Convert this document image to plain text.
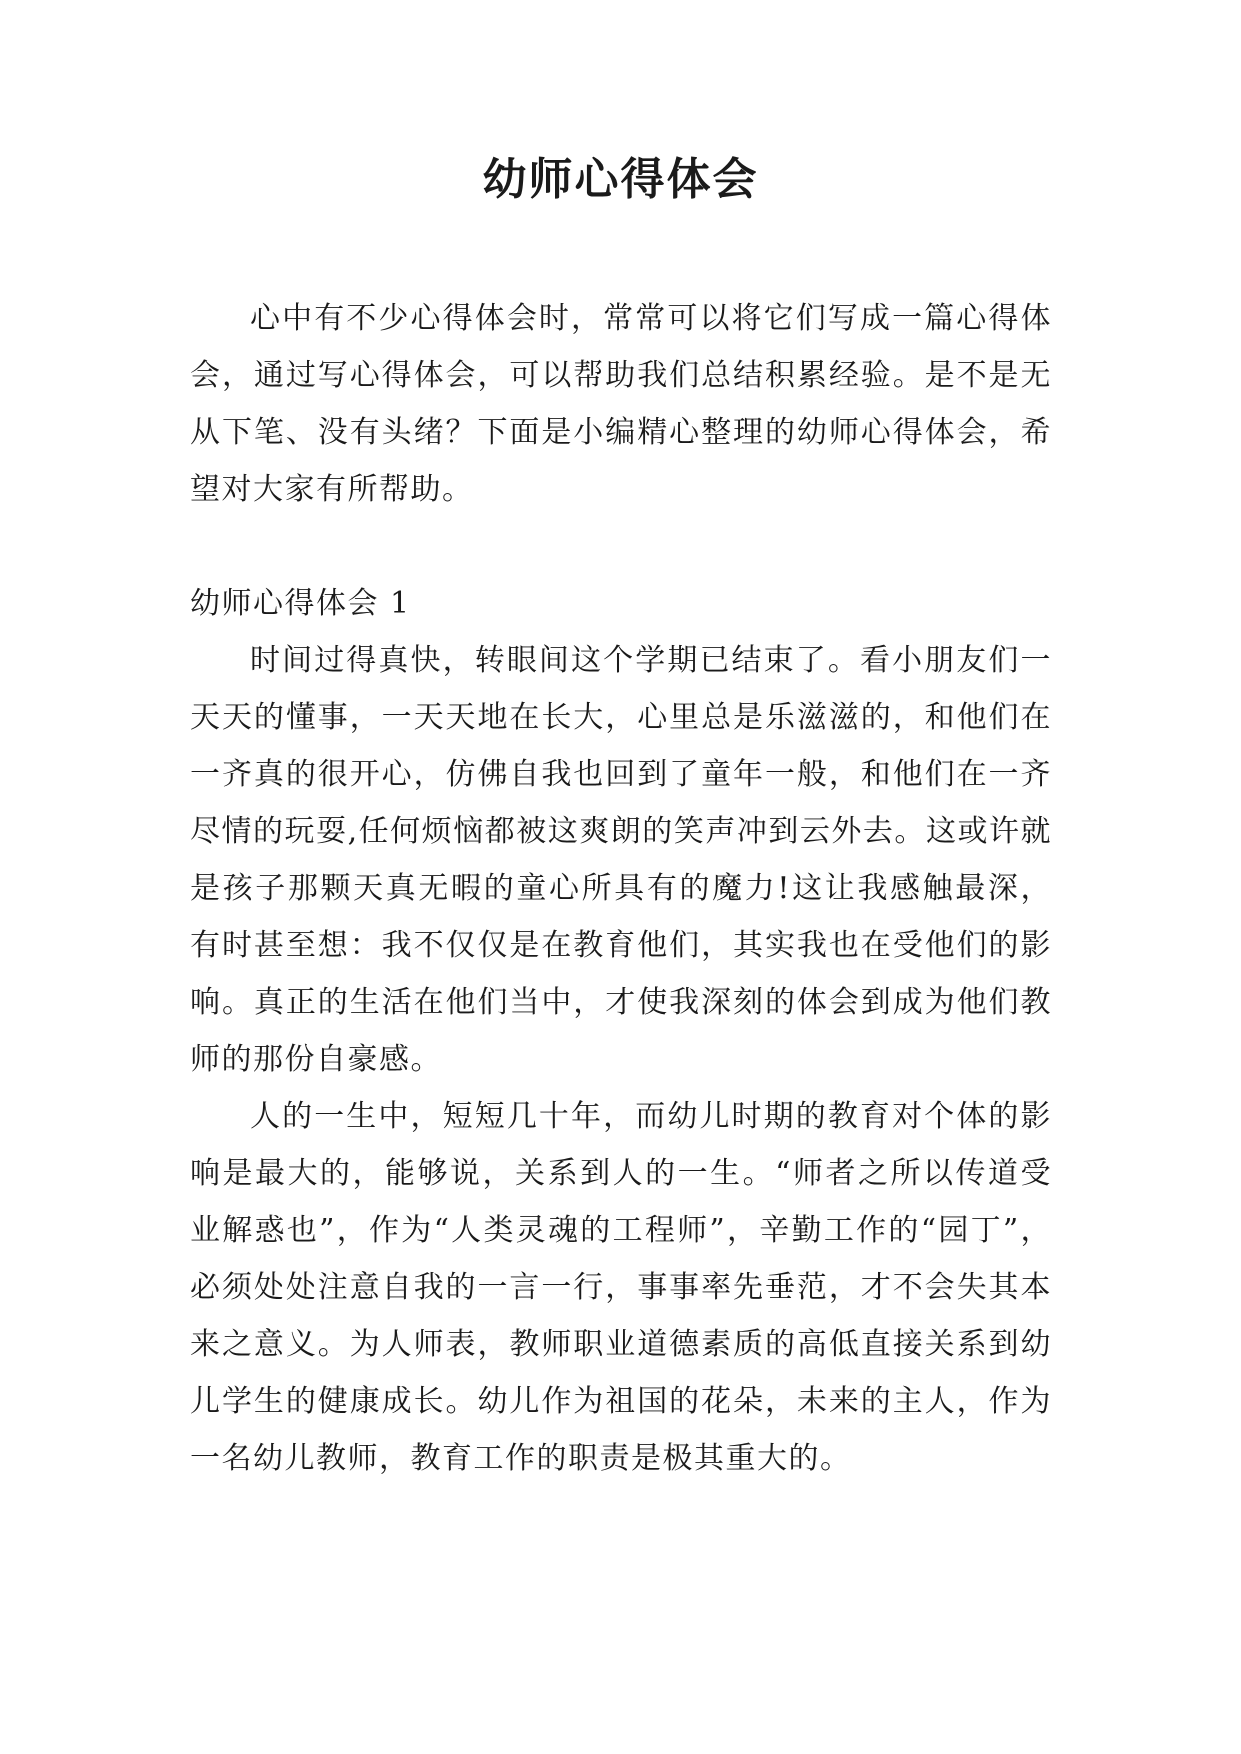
幼师心得体会

心中有不少心得体会时，常常可以将它们写成一篇心得体会，通过写心得体会，可以帮助我们总结积累经验。是不是无从下笔、没有头绪？下面是小编精心整理的幼师心得体会，希望对大家有所帮助。

幼师心得体会 1

时间过得真快，转眼间这个学期已结束了。看小朋友们一天天的懂事，一天天地在长大，心里总是乐滋滋的，和他们在一齐真的很开心，仿佛自我也回到了童年一般，和他们在一齐尽情的玩耍,任何烦恼都被这爽朗的笑声冲到云外去。这或许就是孩子那颗天真无暇的童心所具有的魔力!这让我感触最深，有时甚至想：我不仅仅是在教育他们，其实我也在受他们的影响。真正的生活在他们当中，才使我深刻的体会到成为他们教师的那份自豪感。

人的一生中，短短几十年，而幼儿时期的教育对个体的影响是最大的，能够说，关系到人的一生。“师者之所以传道受业解惑也”，作为“人类灵魂的工程师”，辛勤工作的“园丁”，必须处处注意自我的一言一行，事事率先垂范，才不会失其本来之意义。为人师表，教师职业道德素质的高低直接关系到幼儿学生的健康成长。幼儿作为祖国的花朵，未来的主人，作为一名幼儿教师，教育工作的职责是极其重大的。
